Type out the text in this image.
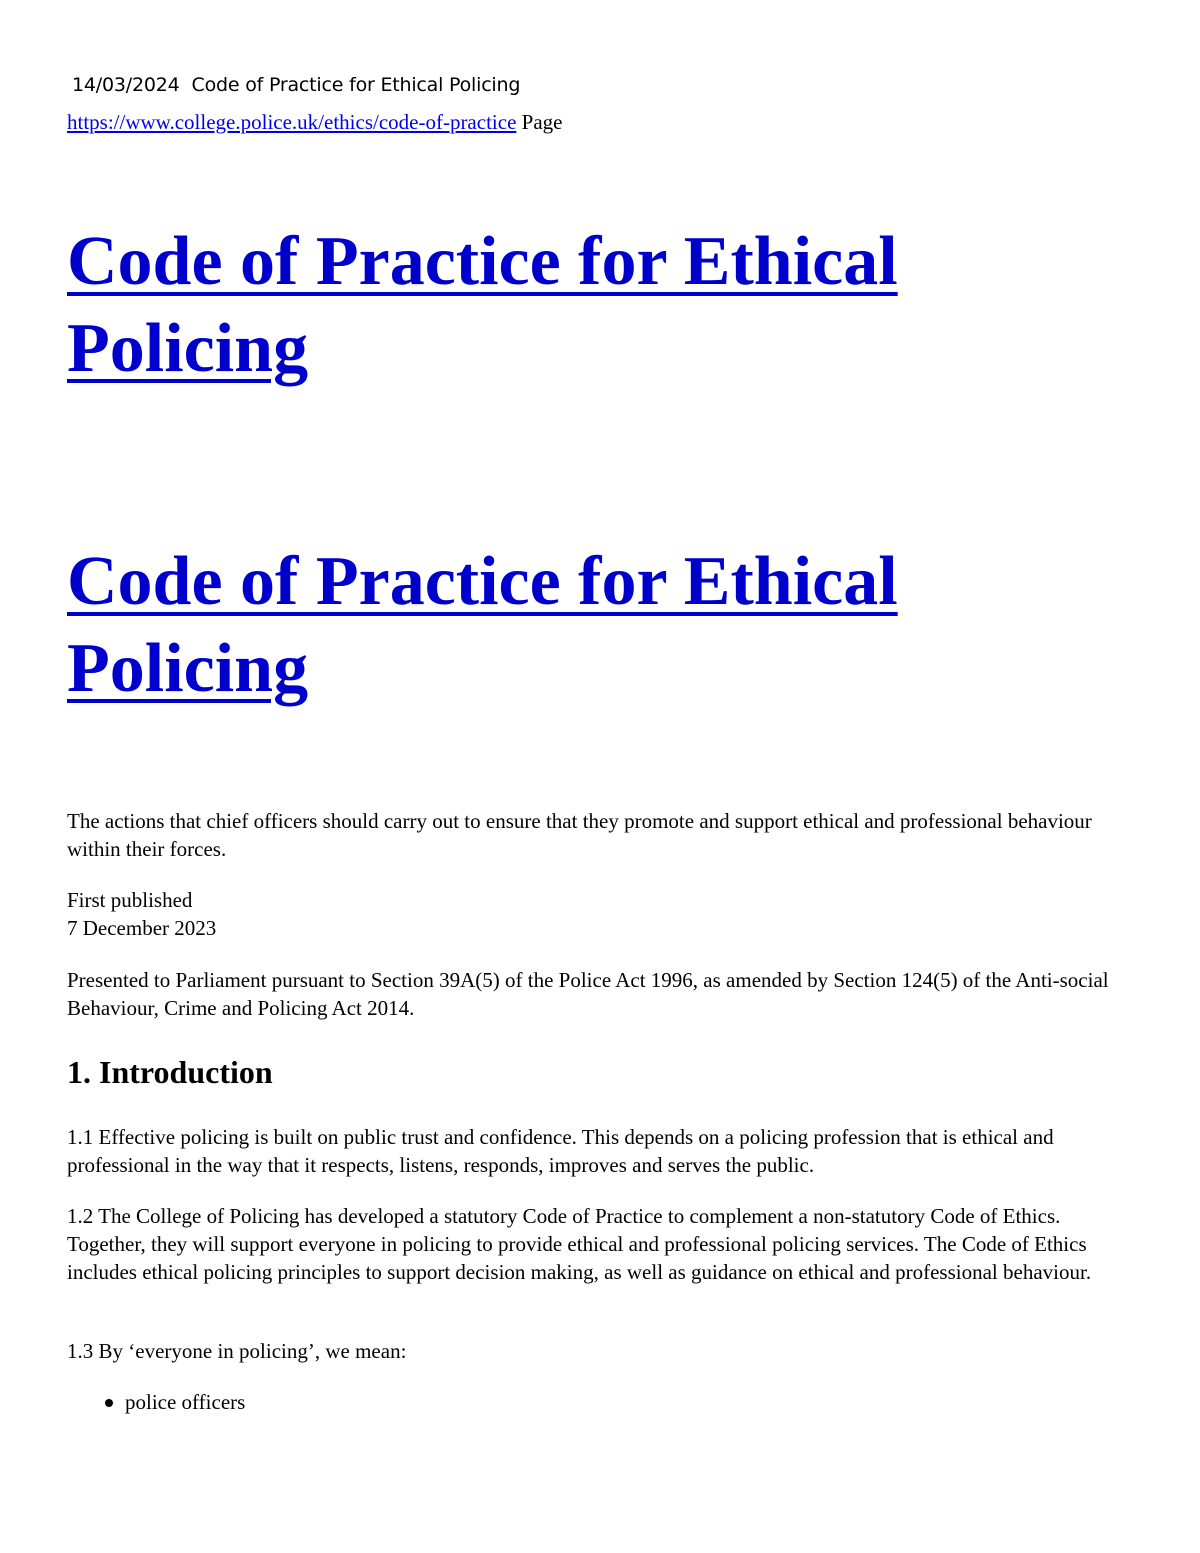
14/03/2024 Code of Practice for Ethical Policing
https://www.college.police.uk/ethics/code-of-practice Page
Code of Practice for Ethical Policing
Code of Practice for Ethical Policing

The actions that chief officers should carry out to ensure that they promote and support ethical and professional behaviour within their forces.

First published
7 December 2023

Presented to Parliament pursuant to Section 39A(5) of the Police Act 1996, as amended by Section 124(5) of the Anti-social Behaviour, Crime and Policing Act 2014.

1. Introduction

1.1 Effective policing is built on public trust and confidence. This depends on a policing profession that is ethical and professional in the way that it respects, listens, responds, improves and serves the public.

1.2 The College of Policing has developed a statutory Code of Practice to complement a non-statutory Code of Ethics. Together, they will support everyone in policing to provide ethical and professional policing services. The Code of Ethics includes ethical policing principles to support decision making, as well as guidance on ethical and professional behaviour.

1.3 By ‘everyone in policing’, we mean:

police officers
